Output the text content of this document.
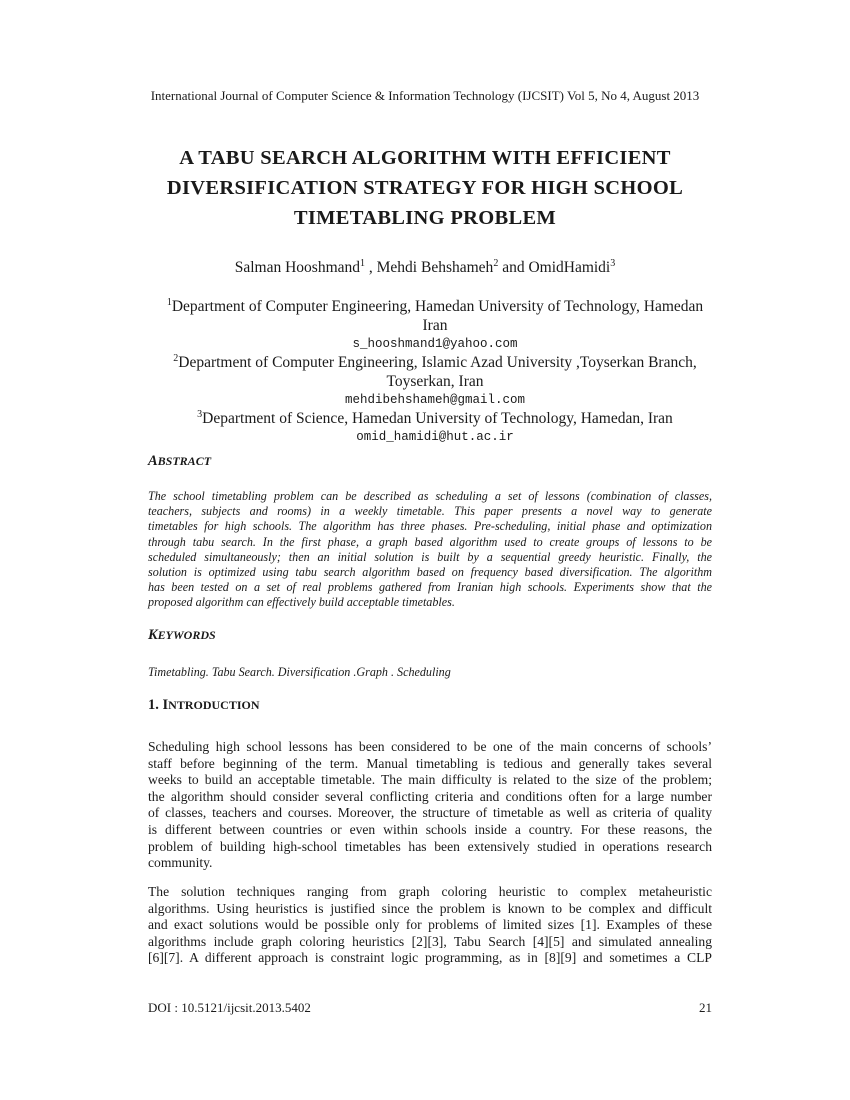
International Journal of Computer Science & Information Technology (IJCSIT) Vol 5, No 4, August 2013
A TABU SEARCH ALGORITHM WITH EFFICIENT
DIVERSIFICATION STRATEGY FOR HIGH SCHOOL
TIMETABLING PROBLEM
Salman Hooshmand$^1$ , Mehdi Behshameh$^2$ and OmidHamidi$^3$
$^1$Department of Computer Engineering, Hamedan University of Technology, Hamedan
Iran
s_hooshmand1@yahoo.com
$^2$Department of Computer Engineering, Islamic Azad University ,Toyserkan Branch,
Toyserkan, Iran
mehdibehshameh@gmail.com
$^3$Department of Science, Hamedan University of Technology, Hamedan, Iran
omid_hamidi@hut.ac.ir
ABSTRACT
The school timetabling problem can be described as scheduling a set of lessons (combination of classes,
teachers, subjects and rooms) in a weekly timetable. This paper presents a novel way to generate
timetables for high schools. The algorithm has three phases. Pre-scheduling, initial phase and optimization
through tabu search. In the first phase, a graph based algorithm used to create groups of lessons to be
scheduled simultaneously; then an initial solution is built by a sequential greedy heuristic. Finally, the
solution is optimized using tabu search algorithm based on frequency based diversification. The algorithm
has been tested on a set of real problems gathered from Iranian high schools. Experiments show that the
proposed algorithm can effectively build acceptable timetables.
KEYWORDS
Timetabling. Tabu Search. Diversification .Graph . Scheduling
1. INTRODUCTION
Scheduling high school lessons has been considered to be one of the main concerns of schools’
staff before beginning of the term. Manual timetabling is tedious and generally takes several
weeks to build an acceptable timetable. The main difficulty is related to the size of the problem;
the algorithm should consider several conflicting criteria and conditions often for a large number
of classes, teachers and courses. Moreover, the structure of timetable as well as criteria of quality
is different between countries or even within schools inside a country. For these reasons, the
problem of building high-school timetables has been extensively studied in operations research
community.
The solution techniques ranging from graph coloring heuristic to complex metaheuristic
algorithms. Using heuristics is justified since the problem is known to be complex and difficult
and exact solutions would be possible only for problems of limited sizes [1]. Examples of these
algorithms include graph coloring heuristics [2][3], Tabu Search [4][5] and simulated annealing
[6][7]. A different approach is constraint logic programming, as in [8][9] and sometimes a CLP
DOI : 10.5121/ijcsit.2013.5402	21
